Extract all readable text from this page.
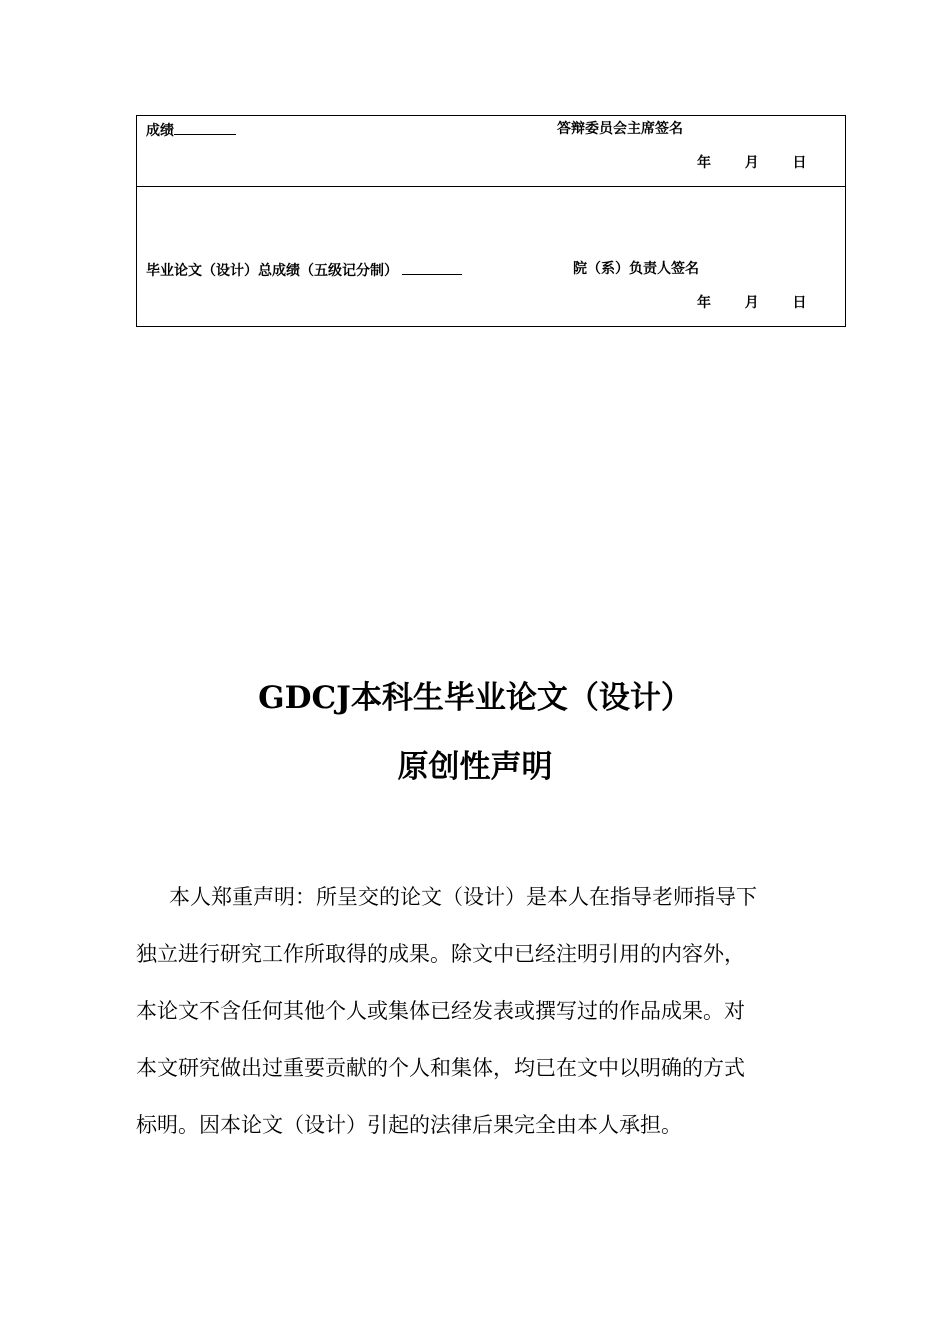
成绩	答辩委员会主席签名
年 月 日
毕业论文（设计）总成绩（五级记分制）	院（系）负责人签名
年 月 日
GDCJ本科生毕业论文（设计）
原创性声明
本人郑重声明：所呈交的论文（设计）是本人在指导老师指导下
独立进行研究工作所取得的成果。除文中已经注明引用的内容外，
本论文不含任何其他个人或集体已经发表或撰写过的作品成果。对
本文研究做出过重要贡献的个人和集体，均已在文中以明确的方式
标明。因本论文（设计）引起的法律后果完全由本人承担。
